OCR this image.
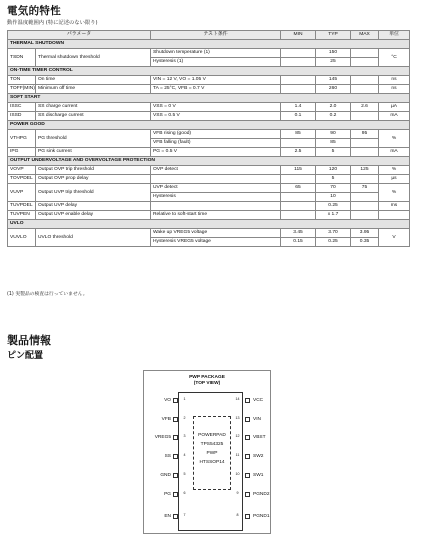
電気的特性
動作温度範囲内 (特に記述のない限り)
パラメータ		テスト条件	MIN	TYP	MAX	単位
THERMAL SHUTDOWN						
TSDN	Thermal shutdown threshold	Shutdown temperature (1)		150		°C
		Hysteresis (1)		25		
ON-TIME TIMER CONTROL						
TON	On time	VIN = 12 V, VO = 1.05 V		145		ns
TOFF(MIN)	Minimum off time	TA = 25°C, VFB = 0.7 V		260		ns
SOFT START						
ISSC	SS charge current	VSS = 0 V	1.4	2.0	2.6	µA
ISSD	SS discharge current	VSS = 0.5 V	0.1	0.2		mA
POWER GOOD						
VTHPG	PG threshold	VFB rising (good)	85	90	95	%
		VFB falling (fault)		85		
IPG	PG sink current	PG = 0.5 V	2.5	5		mA
OUTPUT UNDERVOLTAGE AND OVERVOLTAGE PROTECTION						
VOVP	Output OVP trip threshold	OVP detect	115	120	125	%
TOVPDEL	Output OVP prop delay			5		µs
VUVP	Output UVP trip threshold	UVP detect	65	70	75	%
		Hysteresis		10		
TUVPDEL	Output UVP delay			0.25		ms
TUVPEN	Output UVP enable delay	Relative to soft-start time		x 1.7		
UVLO						
VUVLO	UVLO threshold	Wake up VREG5 voltage	3.45	3.70	3.95	V
		Hysteresis VREG5 voltage	0.15	0.25	0.35	
(1) 実製品の検査は行っていません。
製品情報
ピン配置
PWP PACKAGE
(TOP VIEW)
POWERPAD
TPS54325
PWP
HTSSOP14
1
VO
2
VFB
3
VREG5
4
SS
5
GND
6
PG
7
EN
14	VCC
13	VIN
12	VBST
11	SW2
10	SW1
9	PGND2
8	PGND1
